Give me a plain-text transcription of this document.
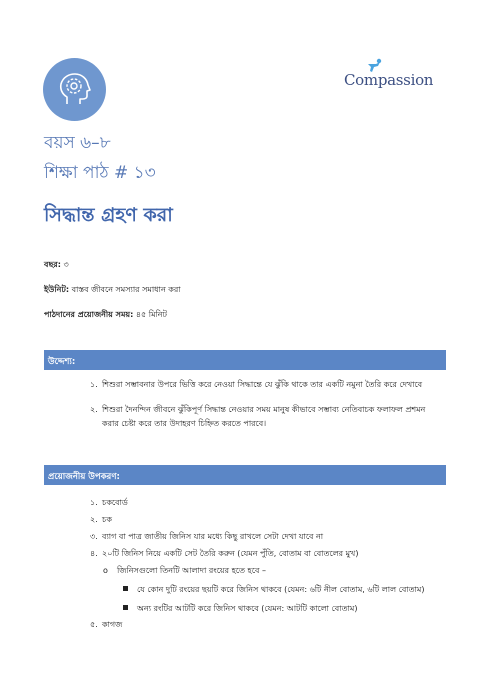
Compassion
বয়স ৬–৮
শিক্ষা পাঠ # ১৩
সিদ্ধান্ত গ্রহণ করা
বছর: ৩
ইউনিট: বাস্তব জীবনে সমস্যার সমাধান করা
পাঠদানের প্রয়োজনীয় সময়: ৪৫ মিনিট
উদ্দেশ্য:
১. শিশুরা সম্ভাবনার উপরে ভিত্তি করে নেওয়া সিদ্ধান্তে যে ঝুঁকি থাকে তার একটি নমুনা তৈরি করে দেখাবে
২. শিশুরা দৈনন্দিন জীবনে ঝুঁকিপূর্ণ সিদ্ধান্ত নেওয়ার সময় মানুষ কীভাবে সম্ভাব্য নেতিবাচক ফলাফল প্রশমন
করার চেষ্টা করে তার উদাহরণ চিহ্নিত করতে পারবে।
প্রয়োজনীয় উপকরণ:
১. চকবোর্ড
২. চক
৩. ব্যাগ বা পাত্র জাতীয় জিনিস যার মধ্যে কিছু রাখলে সেটা দেখা যাবে না
৪. ২০টি জিনিস নিয়ে একটি সেট তৈরি করুন (যেমন পুঁতি, বোতাম বা বোতলের মুখ)
o জিনিসগুলো তিনটি আলাদা রংয়ের হতে হবে –
যে কোন দুটি রংয়ের ছয়টি করে জিনিস থাকবে (যেমন: ৬টি নীল বোতাম, ৬টি লাল বোতাম)
অন্য রংটির আটটি করে জিনিস থাকবে (যেমন: আটটি কালো বোতাম)
৫. কাগজ
